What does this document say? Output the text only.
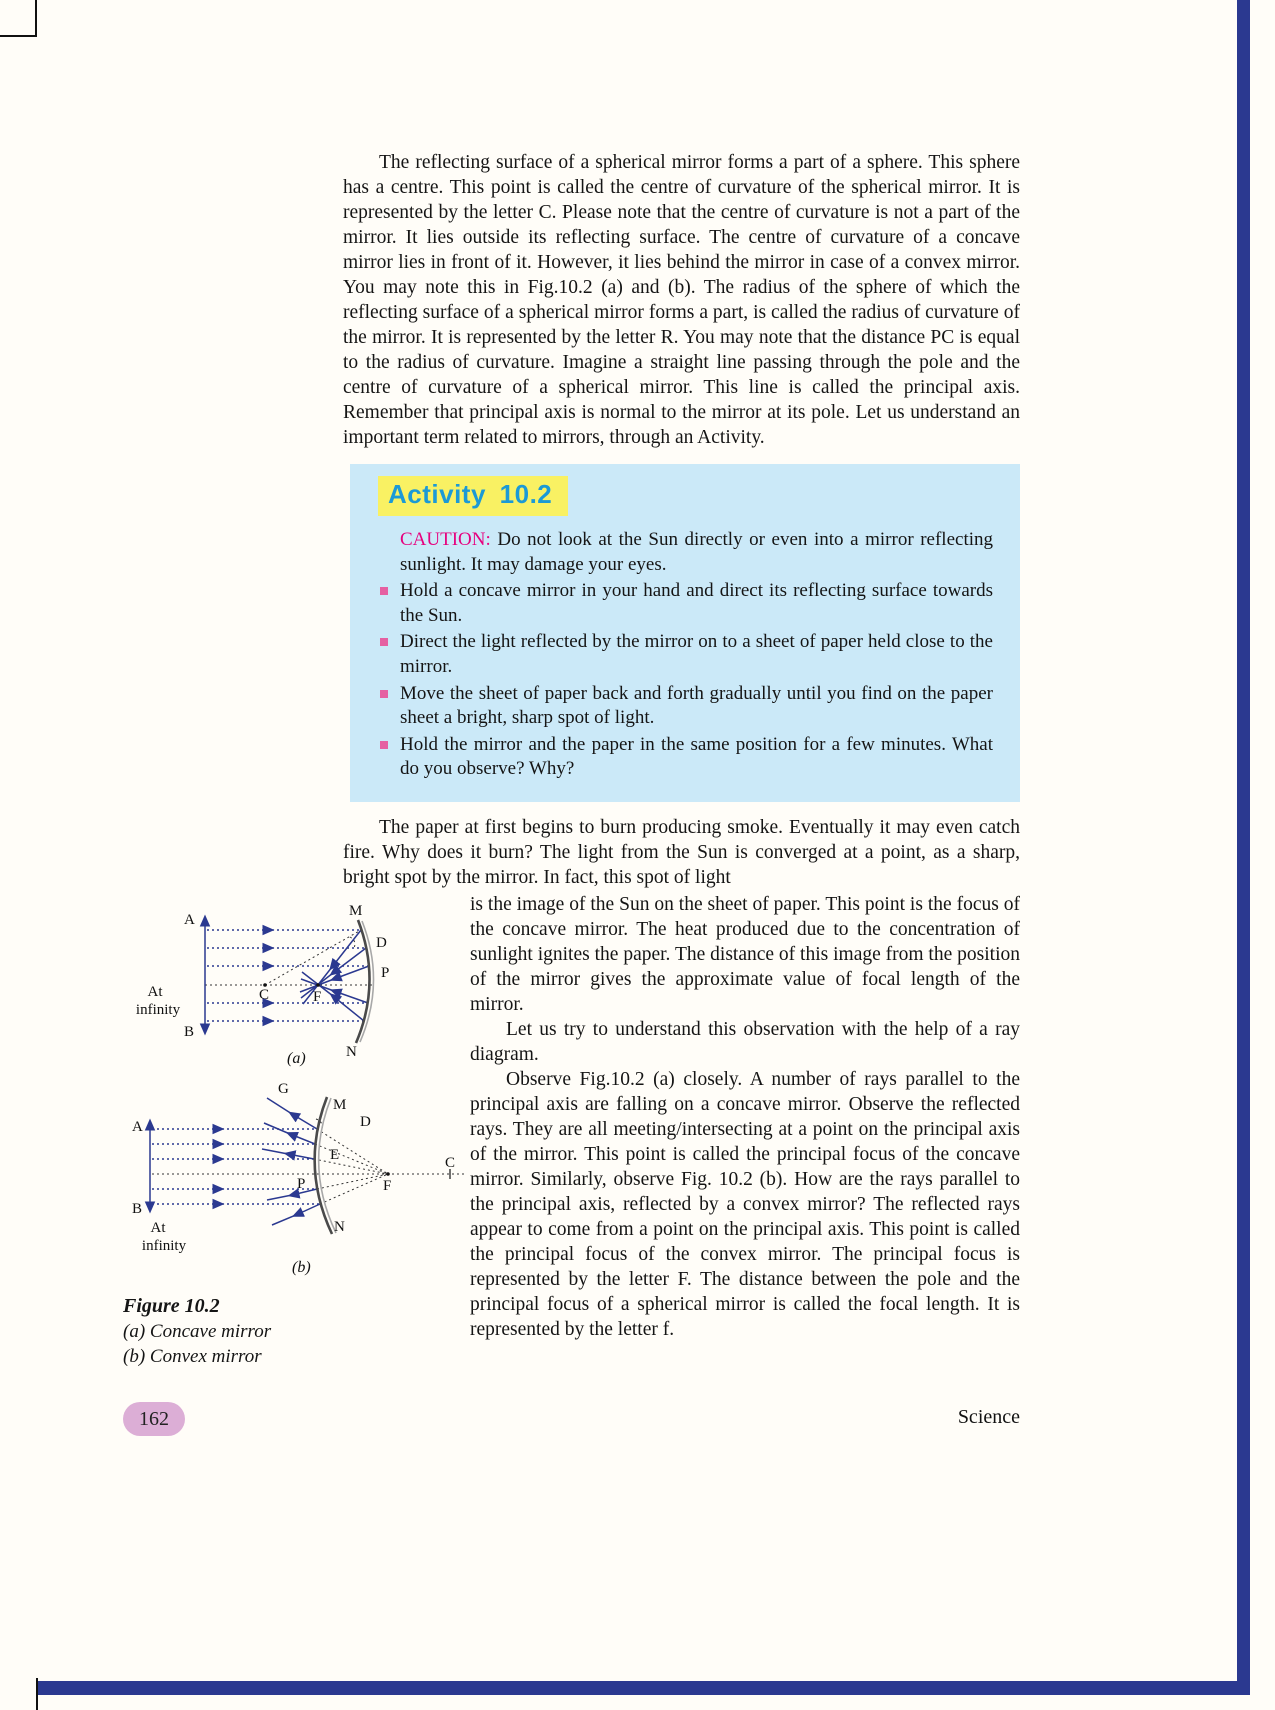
The reflecting surface of a spherical mirror forms a part of a sphere. This sphere has a centre. This point is called the centre of curvature of the spherical mirror. It is represented by the letter C. Please note that the centre of curvature is not a part of the mirror. It lies outside its reflecting surface. The centre of curvature of a concave mirror lies in front of it. However, it lies behind the mirror in case of a convex mirror. You may note this in Fig.10.2 (a) and (b). The radius of the sphere of which the reflecting surface of a spherical mirror forms a part, is called the radius of curvature of the mirror. It is represented by the letter R. You may note that the distance PC is equal to the radius of curvature. Imagine a straight line passing through the pole and the centre of curvature of a spherical mirror. This line is called the principal axis. Remember that principal axis is normal to the mirror at its pole. Let us understand an important term related to mirrors, through an Activity.

Activity 10.2

CAUTION: Do not look at the Sun directly or even into a mirror reflecting sunlight. It may damage your eyes.

Hold a concave mirror in your hand and direct its reflecting surface towards the Sun.
Direct the light reflected by the mirror on to a sheet of paper held close to the mirror.
Move the sheet of paper back and forth gradually until you find on the paper sheet a bright, sharp spot of light.
Hold the mirror and the paper in the same position for a few minutes. What do you observe? Why?

The paper at first begins to burn producing smoke. Eventually it may even catch fire. Why does it burn? The light from the Sun is converged at a point, as a sharp, bright spot by the mirror. In fact, this spot of light

A
B
M
N
D
P
C	F
At
infinity
(a)
A
B
G
M
D
E
P	F
C
N
At
infinity
(b)
Figure 10.2
(a) Concave mirror
(b) Convex mirror

is the image of the Sun on the sheet of paper. This point is the focus of the concave mirror. The heat produced due to the concentration of sunlight ignites the paper. The distance of this image from the position of the mirror gives the approximate value of focal length of the mirror.

Let us try to understand this observation with the help of a ray diagram.

Observe Fig.10.2 (a) closely. A number of rays parallel to the principal axis are falling on a concave mirror. Observe the reflected rays. They are all meeting/intersecting at a point on the principal axis of the mirror. This point is called the principal focus of the concave mirror. Similarly, observe Fig. 10.2 (b). How are the rays parallel to the principal axis, reflected by a convex mirror? The reflected rays appear to come from a point on the principal axis. This point is called the principal focus of the convex mirror. The principal focus is represented by the letter F. The distance between the pole and the principal focus of a spherical mirror is called the focal length. It is represented by the letter f.

162	Science
